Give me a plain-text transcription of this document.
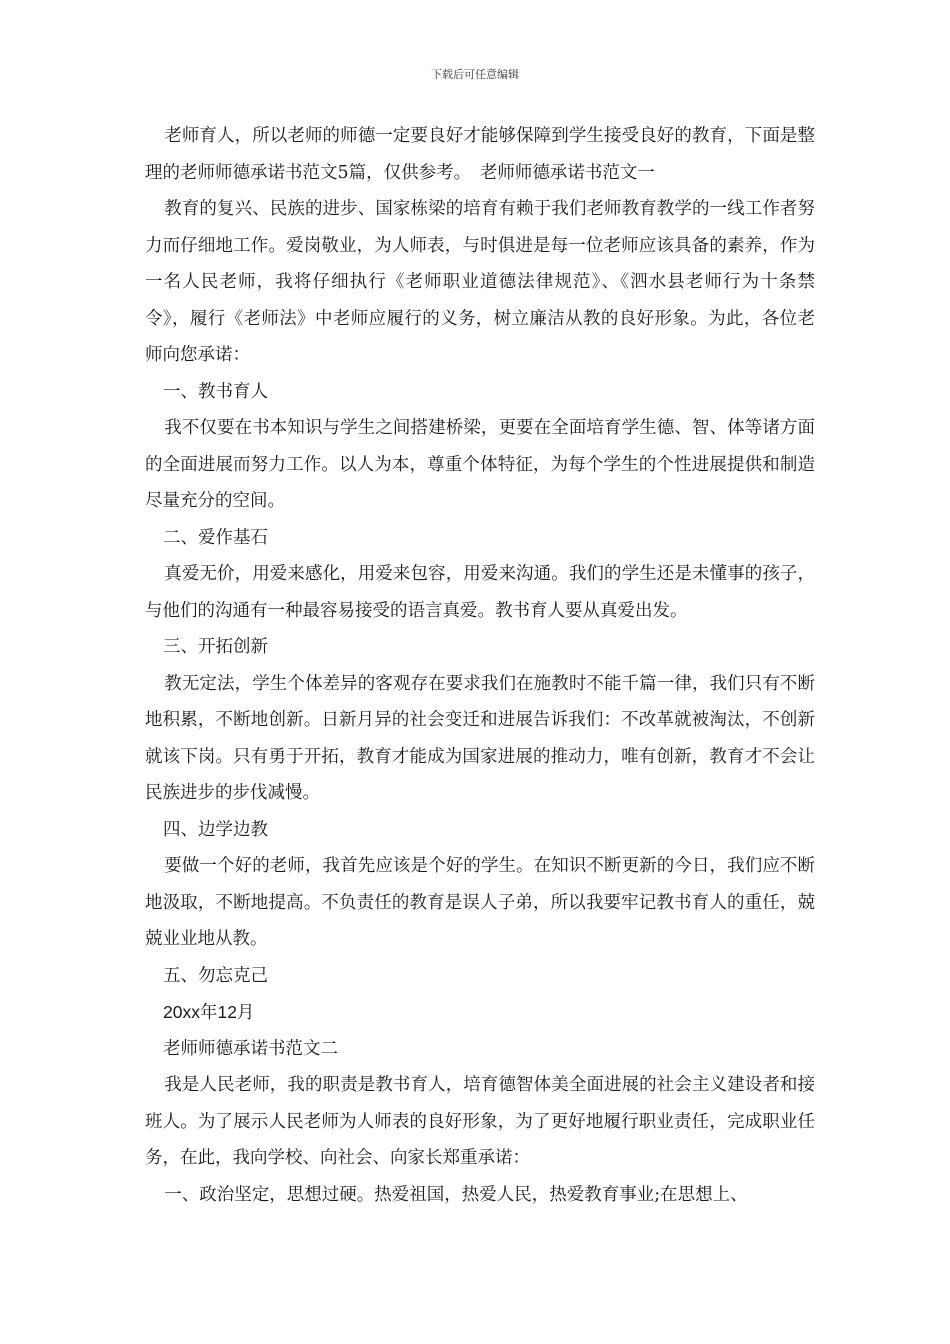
下载后可任意编辑

老师育人，所以老师的师德一定要良好才能够保障到学生接受良好的教育，下面是整理的老师师德承诺书范文5篇，仅供参考。　老师师德承诺书范文一

教育的复兴、民族的进步、国家栋梁的培育有赖于我们老师教育教学的一线工作者努力而仔细地工作。爱岗敬业，为人师表，与时俱进是每一位老师应该具备的素养，作为一名人民老师，我将仔细执行《老师职业道德法律规范》、《泗水县老师行为十条禁令》，履行《老师法》中老师应履行的义务，树立廉洁从教的良好形象。为此，各位老师向您承诺：

一、教书育人

我不仅要在书本知识与学生之间搭建桥梁，更要在全面培育学生德、智、体等诸方面的全面进展而努力工作。以人为本，尊重个体特征，为每个学生的个性进展提供和制造尽量充分的空间。

二、爱作基石

真爱无价，用爱来感化，用爱来包容，用爱来沟通。我们的学生还是未懂事的孩子，与他们的沟通有一种最容易接受的语言真爱。教书育人要从真爱出发。

三、开拓创新

教无定法，学生个体差异的客观存在要求我们在施教时不能千篇一律，我们只有不断地积累，不断地创新。日新月异的社会变迁和进展告诉我们：不改革就被淘汰，不创新就该下岗。只有勇于开拓，教育才能成为国家进展的推动力，唯有创新，教育才不会让民族进步的步伐减慢。

四、边学边教

要做一个好的老师，我首先应该是个好的学生。在知识不断更新的今日，我们应不断地汲取，不断地提高。不负责任的教育是误人子弟，所以我要牢记教书育人的重任，兢兢业业地从教。

五、勿忘克己

20xx年12月

老师师德承诺书范文二

我是人民老师，我的职责是教书育人，培育德智体美全面进展的社会主义建设者和接班人。为了展示人民老师为人师表的良好形象，为了更好地履行职业责任，完成职业任务，在此，我向学校、向社会、向家长郑重承诺：

一、政治坚定，思想过硬。热爱祖国，热爱人民，热爱教育事业;在思想上、
